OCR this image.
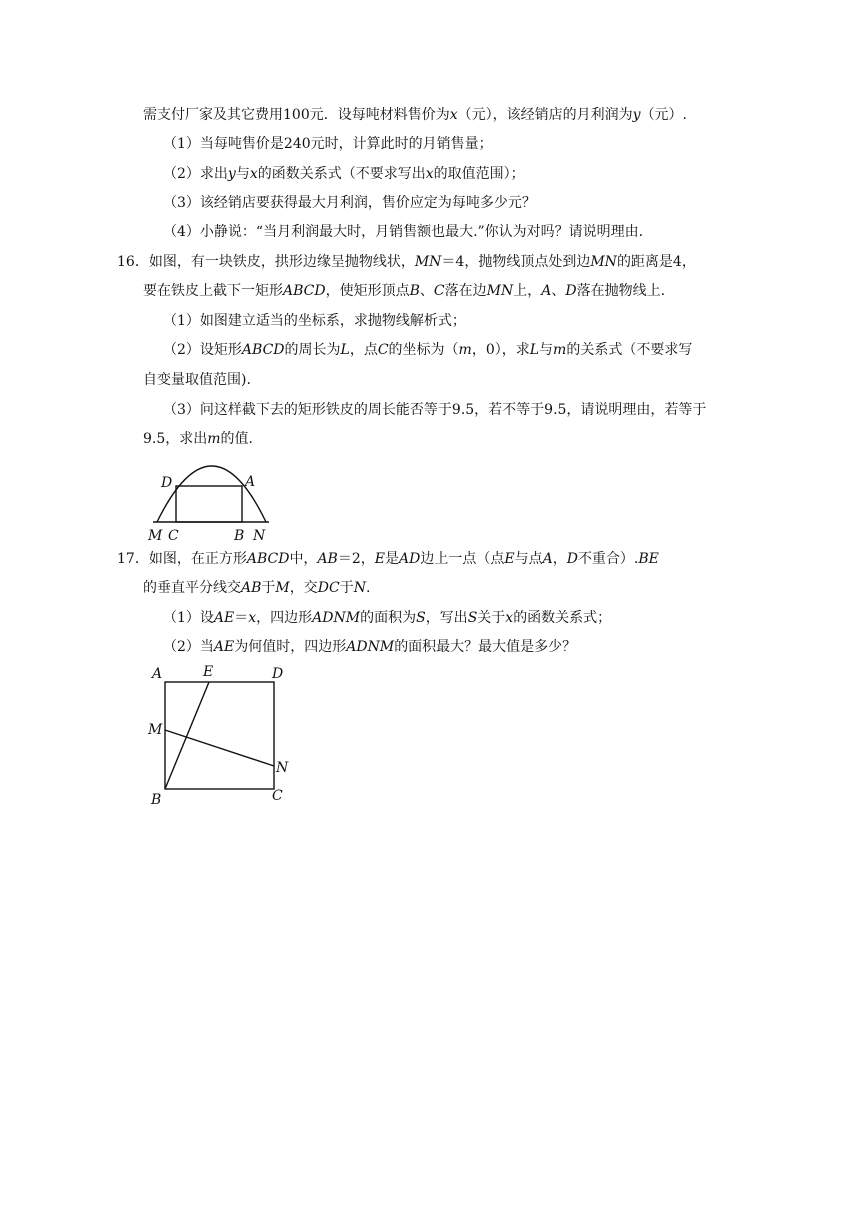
需支付厂家及其它费用100元．设每吨材料售价为x（元），该经销店的月利润为y（元）.
（1）当每吨售价是240元时，计算此时的月销售量；
（2）求出y与x的函数关系式（不要求写出x的取值范围）；
（3）该经销店要获得最大月利润，售价应定为每吨多少元？
（4）小静说：“当月利润最大时，月销售额也最大.”你认为对吗？请说明理由.
16．如图，有一块铁皮，拱形边缘呈抛物线状，MN＝4，抛物线顶点处到边MN的距离是4，
要在铁皮上截下一矩形ABCD，使矩形顶点B、C落在边MN上，A、D落在抛物线上.
（1）如图建立适当的坐标系，求抛物线解析式；
（2）设矩形ABCD的周长为L，点C的坐标为（m，0），求L与m的关系式（不要求写
自变量取值范围).
（3）问这样截下去的矩形铁皮的周长能否等于9.5，若不等于9.5，请说明理由，若等于
9.5，求出m的值.
D	A
M C	B N
17．如图，在正方形ABCD中，AB＝2，E是AD边上一点（点E与点A，D不重合）.BE
的垂直平分线交AB于M，交DC于N.
（1）设AE＝x，四边形ADNM的面积为S，写出S关于x的函数关系式；
（2）当AE为何值时，四边形ADNM的面积最大？最大值是多少？
A	E	D
M
N
B	C
